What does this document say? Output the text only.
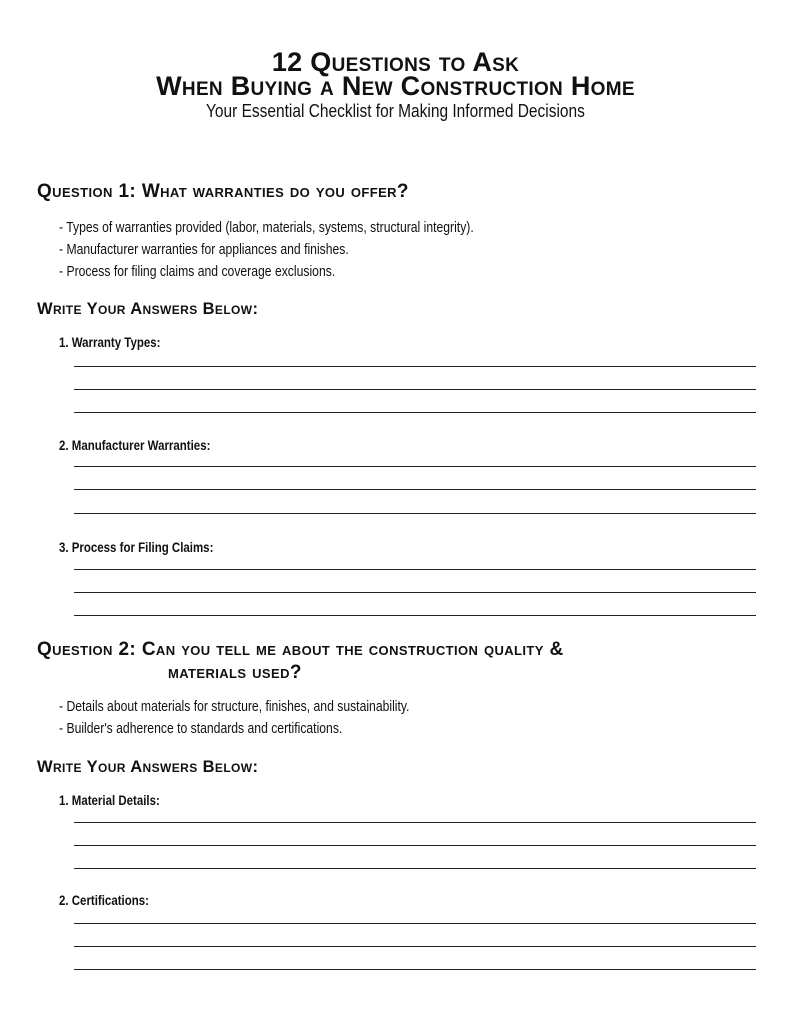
12 Questions to Ask
When Buying a New Construction Home
Your Essential Checklist for Making Informed Decisions
Question 1: What warranties do you offer?
- Types of warranties provided (labor, materials, systems, structural integrity).
- Manufacturer warranties for appliances and finishes.
- Process for filing claims and coverage exclusions.
Write Your Answers Below:
1. Warranty Types:
2. Manufacturer Warranties:
3. Process for Filing Claims:
Question 2: Can you tell me about the construction quality &
materials used?
- Details about materials for structure, finishes, and sustainability.
- Builder's adherence to standards and certifications.
Write Your Answers Below:
1. Material Details:
2. Certifications:
